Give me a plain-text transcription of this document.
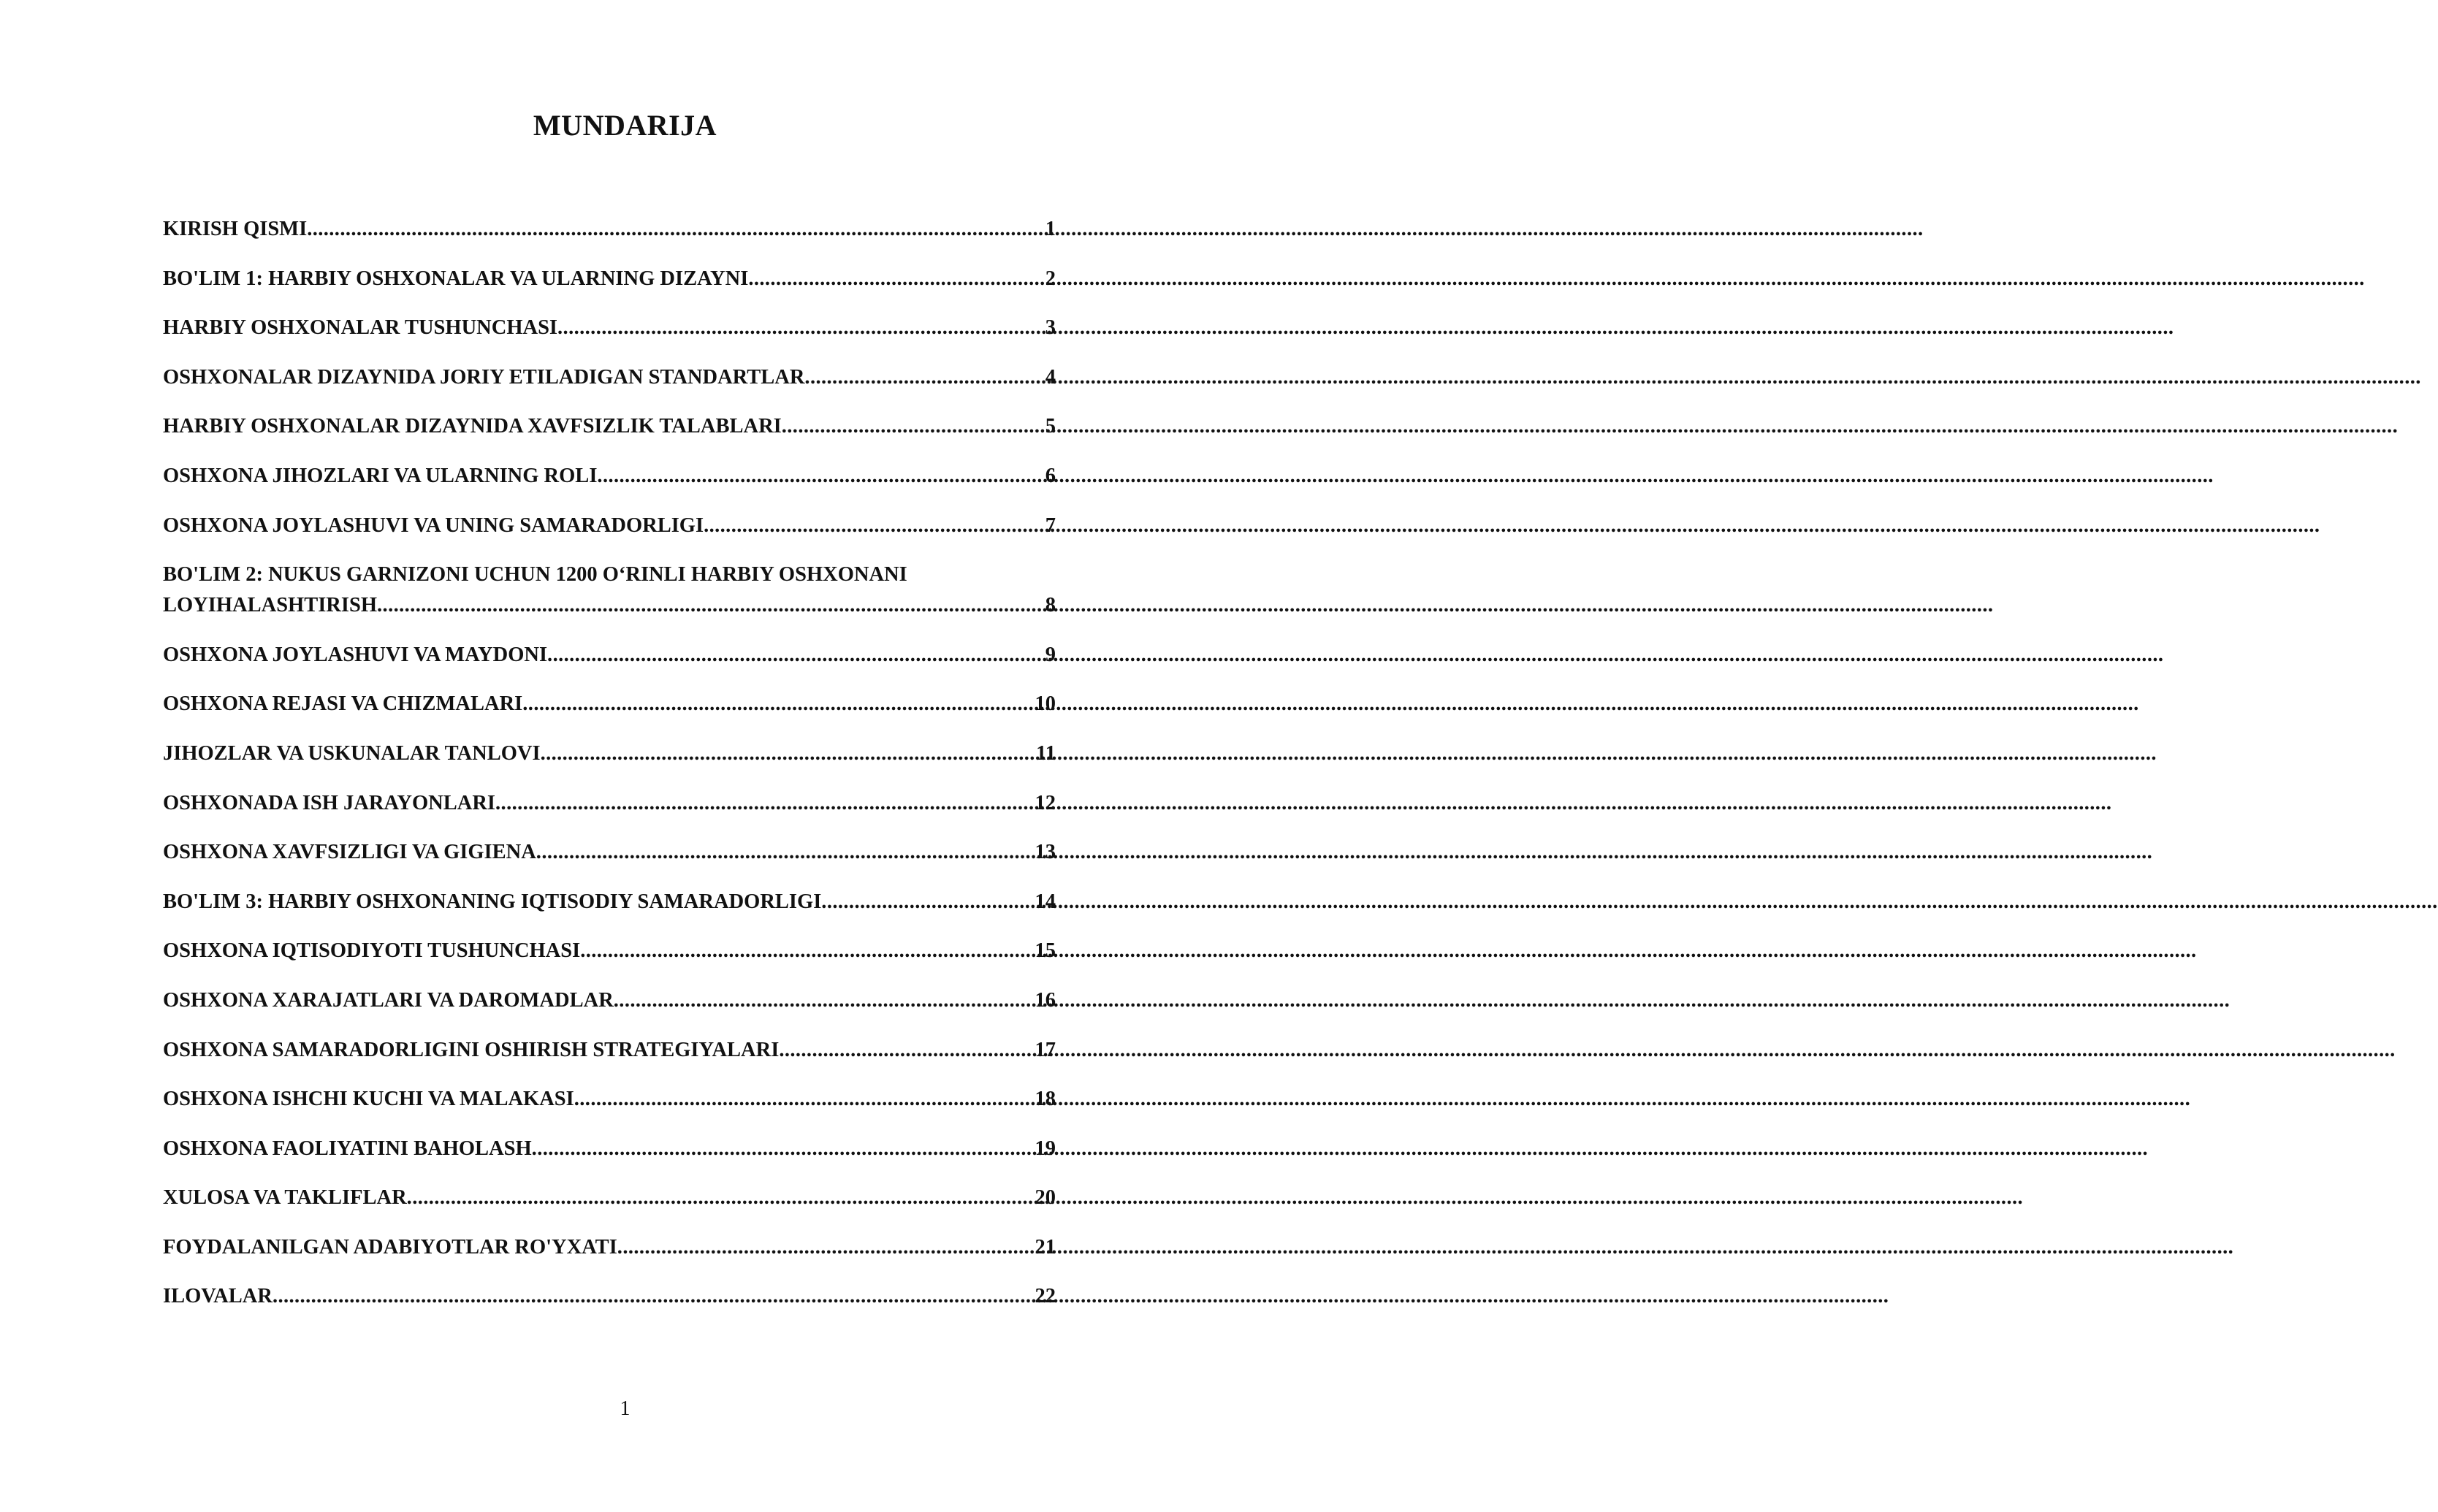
MUNDARIJA
KIRISH QISMI .....	1
BO'LIM 1: HARBIY OSHXONALAR VA ULARNING DIZAYNI .....	2
HARBIY OSHXONALAR TUSHUNCHASI .....	3
OSHXONALAR DIZAYNIDA JORIY ETILADIGAN STANDARTLAR .....	4
HARBIY OSHXONALAR DIZAYNIDA XAVFSIZLIK TALABLARI .....	5
OSHXONA JIHOZLARI VA ULARNING ROLI .....	6
OSHXONA JOYLASHUVI VA UNING SAMARADORLIGI .....	7
BO'LIM 2: NUKUS GARNIZONI UCHUN 1200 O‘RINLI HARBIY OSHXONANI
LOYIHALASHTIRISH .....	8
OSHXONA JOYLASHUVI VA MAYDONI .....	9
OSHXONA REJASI VA CHIZMALARI .....	10
JIHOZLAR VA USKUNALAR TANLOVI .....	11
OSHXONADA ISH JARAYONLARI .....	12
OSHXONA XAVFSIZLIGI VA GIGIENA .....	13
BO'LIM 3: HARBIY OSHXONANING IQTISODIY SAMARADORLIGI .....	14
OSHXONA IQTISODIYOTI TUSHUNCHASI .....	15
OSHXONA XARAJATLARI VA DAROMADLAR .....	16
OSHXONA SAMARADORLIGINI OSHIRISH STRATEGIYALARI .....	17
OSHXONA ISHCHI KUCHI VA MALAKASI .....	18
OSHXONA FAOLIYATINI BAHOLASH .....	19
XULOSA VA TAKLIFLAR .....	20
FOYDALANILGAN ADABIYOTLAR RO'YXATI .....	21
ILOVALAR .....	22
1
